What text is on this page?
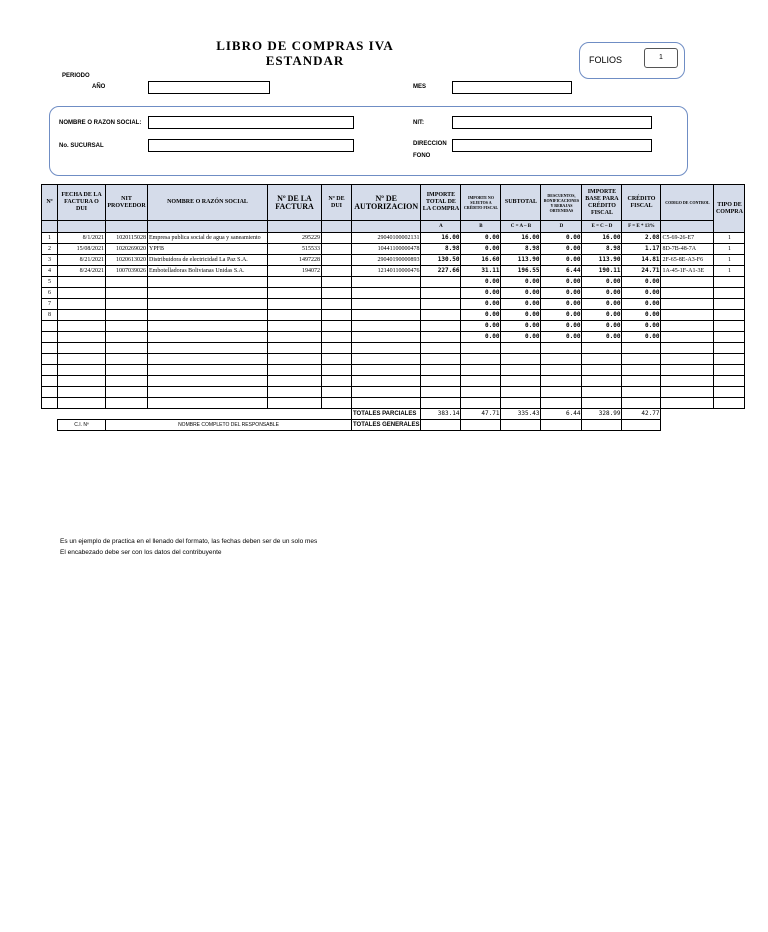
LIBRO DE COMPRAS IVA
ESTANDAR	FOLIOS	1
PERIODO
AÑO	MES
NOMBRE O RAZON SOCIAL:	NIT:
No. SUCURSAL	DIRECCION
FONO
Nº	FECHA DE LA FACTURA O DUI	NIT PROVEEDOR	NOMBRE O RAZÓN SOCIAL	Nº DE LA FACTURA	Nº DE DUI	Nº DE AUTORIZACION	IMPORTE TOTAL DE LA COMPRA	IMPORTE NO SUJETOS A CRÉDITO FISCAL	SUBTOTAL	DESCUENTOS, BONIFICACIONES Y REBAJAS OBTENIDAS	IMPORTE BASE PARA CRÉDITO FISCAL	CRÉDITO FISCAL	CODIGO DE CONTROL	TIPO DE COMPRA
							A	B	C = A – B	D	E = C – D	F = E * 13%		
1	8/1/2021	1020115028	Empresa publica social de agua y saneamiento	295229		29040100002131	16.00	0.00	16.00	0.00	16.00	2.08	C5-69-26-E7	1
2	15/08/2021	1020269020	YPFB	515533		10441100000478	8.98	0.00	8.98	0.00	8.98	1.17	8D-7B-48-7A	1
3	8/21/2021	1020613020	Distribuidora de electricidad La Paz S.A.	1497228		29040190000893	130.50	16.60	113.90	0.00	113.90	14.81	2F-65-8E-A3-F6	1
4	8/24/2021	1007039026	Embotelladoras Bolivianas Unidas S.A.	194072		12140110000476	227.66	31.11	196.55	6.44	190.11	24.71	1A-45-1F-A1-3E	1
5								0.00	0.00	0.00	0.00	0.00		
6								0.00	0.00	0.00	0.00	0.00		
7								0.00	0.00	0.00	0.00	0.00		
8								0.00	0.00	0.00	0.00	0.00		
								0.00	0.00	0.00	0.00	0.00		
								0.00	0.00	0.00	0.00	0.00		

						TOTALES PARCIALES	383.14	47.71	335.43	6.44	328.99	42.77		
	C.I. Nº	NOMBRE COMPLETO DEL RESPONSABLE				TOTALES GENERALES								
Es un ejemplo de practica en el llenado del formato, las fechas deben ser de un solo mes
El encabezado debe ser con los datos del contribuyente
